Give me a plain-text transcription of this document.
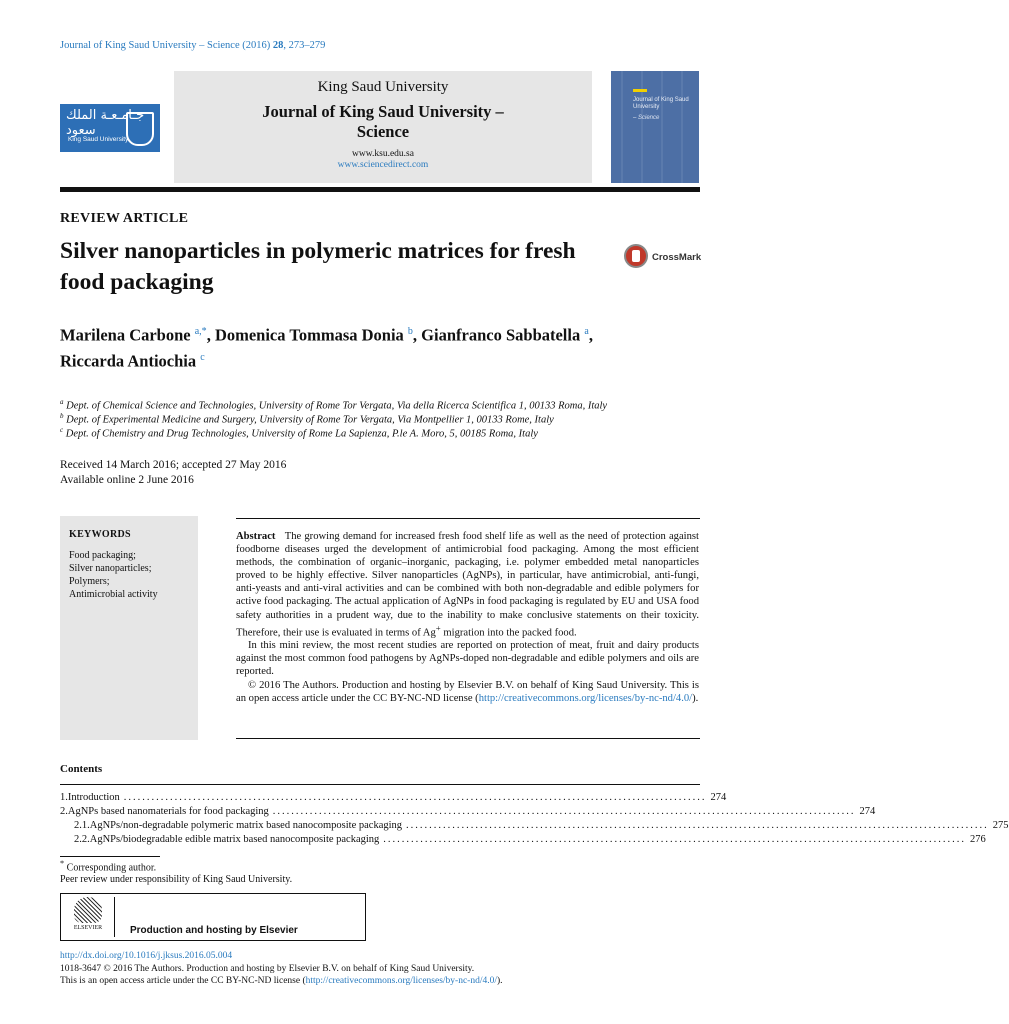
Journal of King Saud University – Science (2016) 28, 273–279
جـامـعـة الملك سعود
King Saud University
King Saud University
Journal of King Saud University –
Science
www.ksu.edu.sa
www.sciencedirect.com
Journal of King Saud University
– Science
REVIEW ARTICLE
Silver nanoparticles in polymeric matrices for fresh food packaging
CrossMark
Marilena Carbone $^{a,*}$, Domenica Tommasa Donia $^b$, Gianfranco Sabbatella $^a$,
Riccarda Antiochia $^c$
$^a$ Dept. of Chemical Science and Technologies, University of Rome Tor Vergata, Via della Ricerca Scientifica 1, 00133 Roma, Italy
$^b$ Dept. of Experimental Medicine and Surgery, University of Rome Tor Vergata, Via Montpellier 1, 00133 Rome, Italy
$^c$ Dept. of Chemistry and Drug Technologies, University of Rome La Sapienza, P.le A. Moro, 5, 00185 Roma, Italy
Received 14 March 2016; accepted 27 May 2016
Available online 2 June 2016
KEYWORDS
Food packaging;
Silver nanoparticles;
Polymers;
Antimicrobial activity

Abstract The growing demand for increased fresh food shelf life as well as the need of protection against foodborne diseases urged the development of antimicrobial food packaging. Among the most efficient methods, the combination of organic–inorganic, packaging, i.e. polymer embedded metal nanoparticles proved to be highly effective. Silver nanoparticles (AgNPs), in particular, have antimicrobial, anti-fungi, anti-yeasts and anti-viral activities and can be combined with both non-degradable and edible polymers for active food packaging. The actual application of AgNPs in food packaging is regulated by EU and USA food safety authorities in a prudent way, due to the inability to make conclusive statements on their toxicity. Therefore, their use is evaluated in terms of Ag+ migration into the packed food.

In this mini review, the most recent studies are reported on protection of meat, fruit and dairy products against the most common food pathogens by AgNPs-doped non-degradable and edible polymers and oils are reported.

© 2016 The Authors. Production and hosting by Elsevier B.V. on behalf of King Saud University. This is an open access article under the CC BY-NC-ND license (http://creativecommons.org/licenses/by-nc-nd/4.0/).

Contents
1. Introduction .............................................................................................................................. 274
2. AgNPs based nanomaterials for food packaging .............................................................................................................................. 274
2.1. AgNPs/non-degradable polymeric matrix based nanocomposite packaging .............................................................................................................................. 275
2.2. AgNPs/biodegradable edible matrix based nanocomposite packaging .............................................................................................................................. 276
* Corresponding author.
Peer review under responsibility of King Saud University.
ELSEVIER	Production and hosting by Elsevier
http://dx.doi.org/10.1016/j.jksus.2016.05.004
1018-3647 © 2016 The Authors. Production and hosting by Elsevier B.V. on behalf of King Saud University.
This is an open access article under the CC BY-NC-ND license (http://creativecommons.org/licenses/by-nc-nd/4.0/).
